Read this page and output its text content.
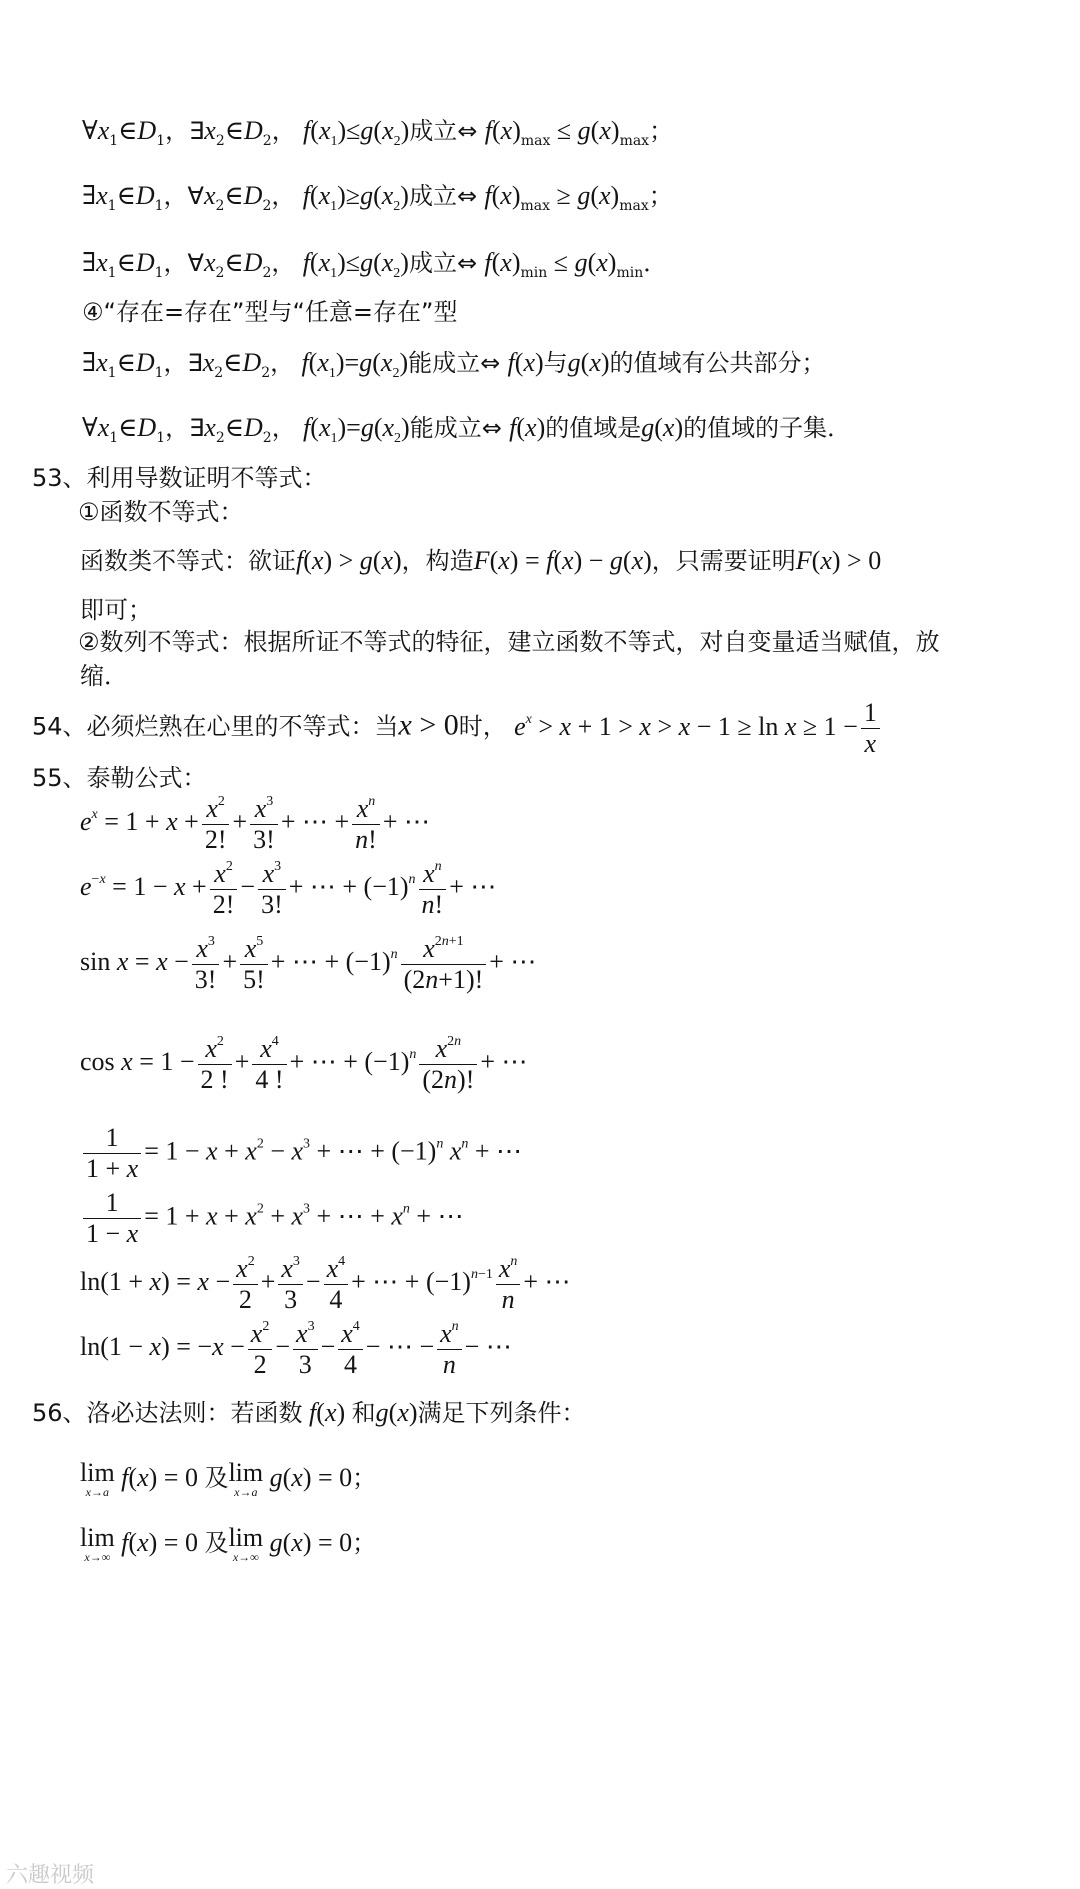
$\forall x_1\in D_1$，$\exists x_2\in D_2$， $f(x_1)\le g(x_2)$成立⇔ $f(x)_{max} \le g(x)_{max}$；
$\exists x_1\in D_1$，$\forall x_2\in D_2$， $f(x_1)\ge g(x_2)$成立⇔ $f(x)_{max} \ge g(x)_{max}$；
$\exists x_1\in D_1$，$\forall x_2\in D_2$， $f(x_1)\le g(x_2)$成立⇔ $f(x)_{min} \le g(x)_{min}$．
④“存在=存在”型与“任意=存在”型
$\exists x_1\in D_1$，$\exists x_2\in D_2$， $f(x_1)=g(x_2)$能成立⇔ f(x)与g(x)的值域有公共部分；
$\forall x_1\in D_1$，$\exists x_2\in D_2$， $f(x_1)=g(x_2)$能成立⇔ f(x)的值域是g(x)的值域的子集．
53、利用导数证明不等式：
①函数不等式：
函数类不等式：欲证f(x) > g(x)，构造F(x) = f(x) − g(x)，只需要证明F(x) > 0
即可；
②数列不等式：根据所证不等式的特征，建立函数不等式，对自变量适当赋值，放
缩．
54、必须烂熟在心里的不等式：当x > 0时， $e^x > x + 1 > x > x - 1 \ge \ln x \ge 1 - \frac{1}{x}$
55、泰勒公式：
$e^x = 1 + x + \frac{x^2}{2!} + \frac{x^3}{3!}$ + ⋯ + $\frac{x^n}{n!}$ + ⋯
$e^{-x} = 1 - x + \frac{x^2}{2!} - \frac{x^3}{3!}$ + ⋯ + $(-1)^n \frac{x^n}{n!}$ + ⋯
$\sin x = x - \frac{x^3}{3!} + \frac{x^5}{5!}$ + ⋯ + $(-1)^n \frac{x^{2n+1}}{(2n+1)!}$ + ⋯
$\cos x = 1 - \frac{x^2}{2 !} + \frac{x^4}{4 !}$ + ⋯ + $(-1)^n \frac{x^{2n}}{(2n)!}$ + ⋯
$\frac{1}{1 + x} = 1 - x + x^2 - x^3$ + ⋯ + $(-1)^n$ $x^n$ + ⋯
$\frac{1}{1 - x} = 1 + x + x^2 + x^3$ + ⋯ + $x^n$ + ⋯
$\ln(1 + x) = x - \frac{x^2}{2} + \frac{x^3}{3} - \frac{x^4}{4}$ + ⋯ + $(-1)^{n-1} \frac{x^n}{n}$ + ⋯
$\ln(1 - x) = -x - \frac{x^2}{2} - \frac{x^3}{3} - \frac{x^4}{4}$ − ⋯ − $\frac{x^n}{n}$ − ⋯
56、洛必达法则：若函数 f(x) 和g(x)满足下列条件：
lim
x→a f(x) = 0 及 lim
x→a g(x) = 0；
lim
x→∞ f(x) = 0 及 lim
x→∞ g(x) = 0；
六趣视频
